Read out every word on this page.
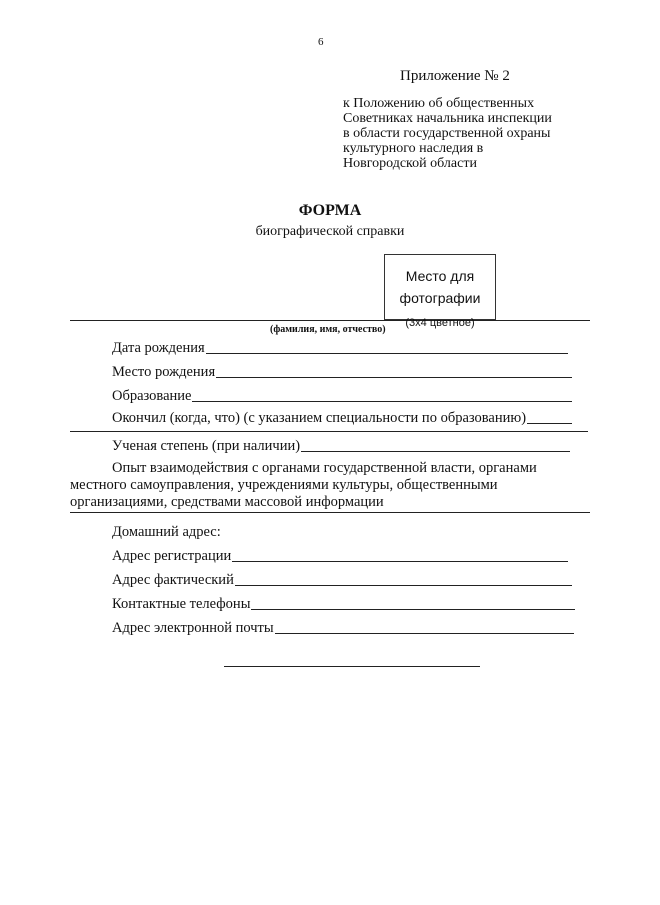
6
Приложение № 2
к Положению об общественных
Советниках начальника инспекции
в области государственной охраны
культурного наследия в
Новгородской области
ФОРМА
биографической справки
(фамилия, имя, отчество)
Место для
фотографии
(3х4 цветное)
Дата рождения
Место рождения
Образование
Окончил (когда, что) (с указанием специальности по образованию)
Ученая степень (при наличии)
Опыт взаимодействия с органами государственной власти, органами
местного самоуправления, учреждениями культуры, общественными
организациями, средствами массовой информации
Домашний адрес:
Адрес регистрации
Адрес фактический
Контактные телефоны
Адрес электронной почты
